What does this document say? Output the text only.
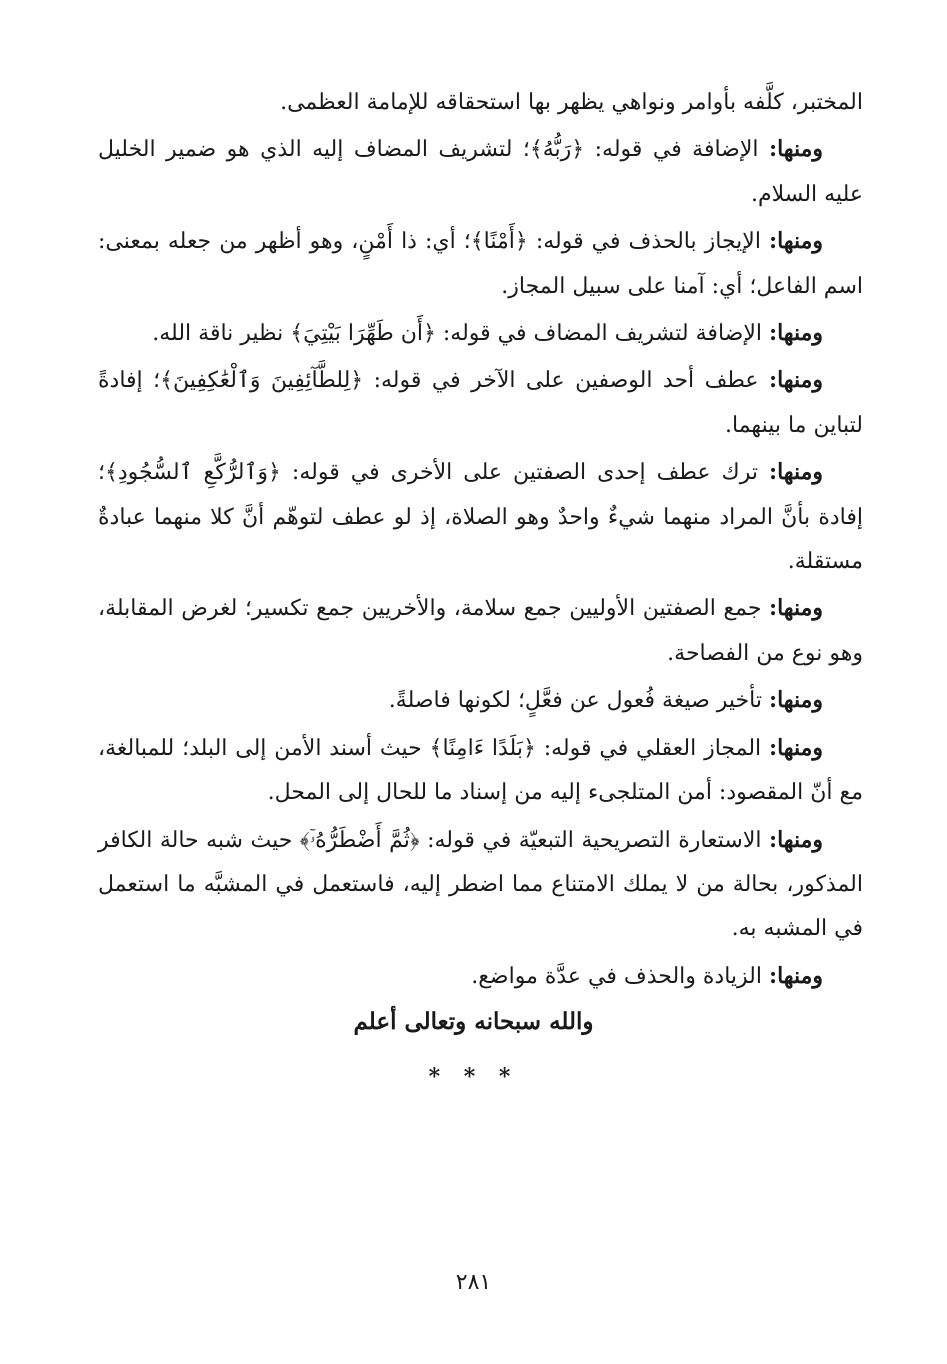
المختبر، كلَّفه بأوامر ونواهي يظهر بها استحقاقه للإمامة العظمى.

ومنها: الإضافة في قوله: ﴿رَبُّهُ﴾؛ لتشريف المضاف إليه الذي هو ضمير الخليل عليه السلام.

ومنها: الإيجاز بالحذف في قوله: ﴿أَمْنًا﴾؛ أي: ذا أَمْنٍ، وهو أظهر من جعله بمعنى: اسم الفاعل؛ أي: آمنا على سبيل المجاز.

ومنها: الإضافة لتشريف المضاف في قوله: ﴿أَن طَهِّرَا بَيْتِيَ﴾ نظير ناقة الله.

ومنها: عطف أحد الوصفين على الآخر في قوله: ﴿لِلطَّآئِفِينَ وَٱلْعَٰكِفِينَ﴾؛ إفادةً لتباين ما بينهما.

ومنها: ترك عطف إحدى الصفتين على الأخرى في قوله: ﴿وَٱلرُّكَّعِ ٱلسُّجُودِ﴾؛ إفادة بأنَّ المراد منهما شيءٌ واحدٌ وهو الصلاة، إذ لو عطف لتوهّم أنَّ كلا منهما عبادةٌ مستقلة.

ومنها: جمع الصفتين الأوليين جمع سلامة، والأخريين جمع تكسير؛ لغرض المقابلة، وهو نوع من الفصاحة.

ومنها: تأخير صيغة فُعول عن فعَّلٍ؛ لكونها فاصلةً.

ومنها: المجاز العقلي في قوله: ﴿بَلَدًا ءَامِنًا﴾ حيث أسند الأمن إلى البلد؛ للمبالغة، مع أنّ المقصود: أمن المتلجىء إليه من إسناد ما للحال إلى المحل.

ومنها: الاستعارة التصريحية التبعيّة في قوله: ﴿ثُمَّ أَضْطَرُّهُۥٓ﴾ حيث شبه حالة الكافر المذكور، بحالة من لا يملك الامتناع مما اضطر إليه، فاستعمل في المشبَّه ما استعمل في المشبه به.

ومنها: الزيادة والحذف في عدَّة مواضع.

والله سبحانه وتعالى أعلم
* * *
٢٨١
